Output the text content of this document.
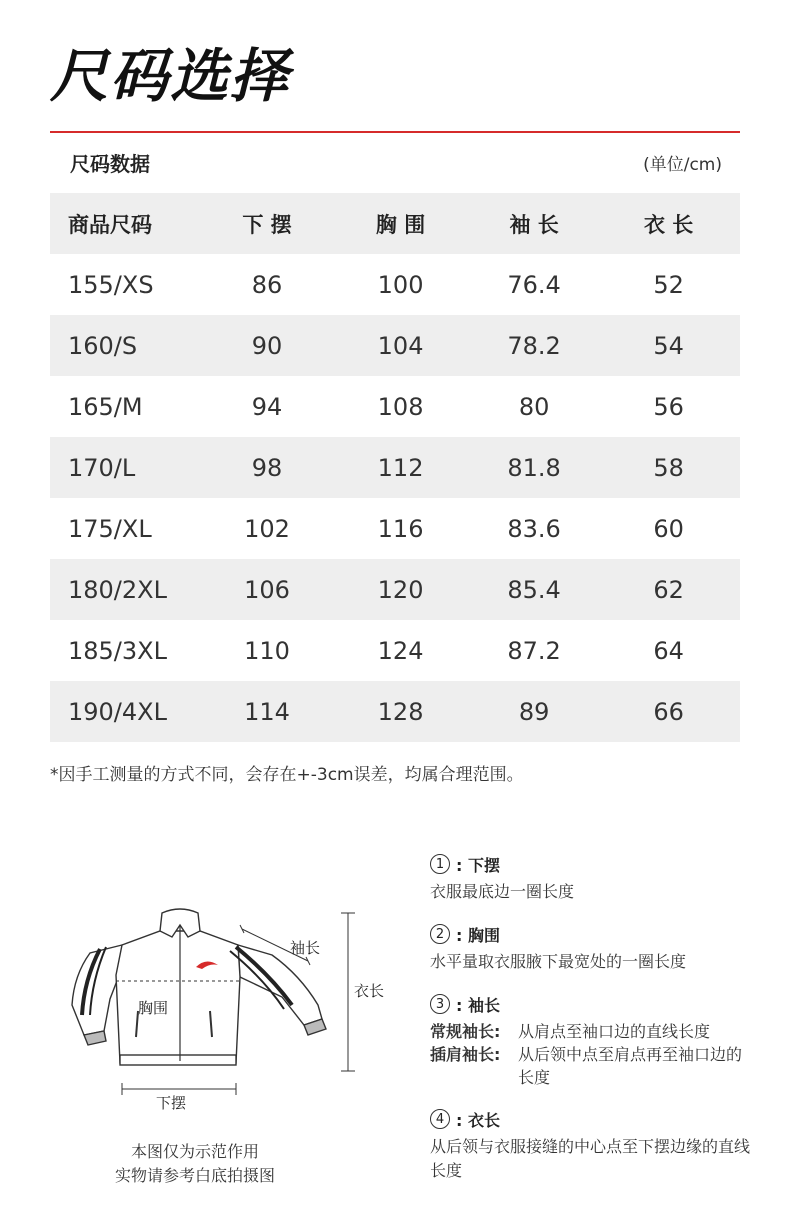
尺码选择
尺码数据	(单位/cm)
商品尺码	下 摆	胸 围	袖 长	衣 长
155/XS	86	100	76.4	52
160/S	90	104	78.2	54
165/M	94	108	80	56
170/L	98	112	81.8	58
175/XL	102	116	83.6	60
180/2XL	106	120	85.4	62
185/3XL	110	124	87.2	64
190/4XL	114	128	89	66
*因手工测量的方式不同，会存在+-3cm误差，均属合理范围。
胸围
袖长
衣长
下摆
本图仅为示范作用
实物请参考白底拍摄图
1 : 下摆
衣服最底边一圈长度
2 : 胸围
水平量取衣服腋下最宽处的一圈长度
3 : 袖长
常规袖长:	从肩点至袖口边的直线长度
插肩袖长:	从后领中点至肩点再至袖口边的长度
4 : 衣长
从后领与衣服接缝的中心点至下摆边缘的直线长度
